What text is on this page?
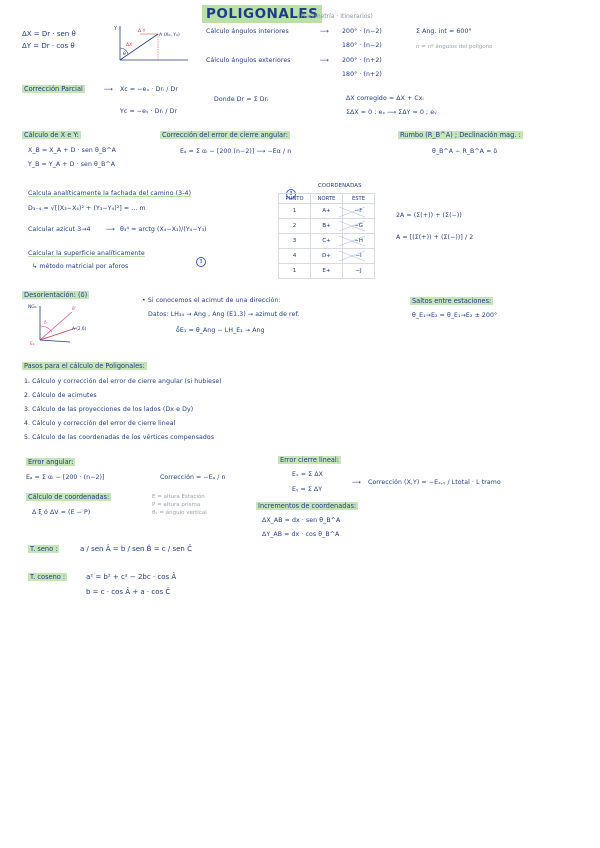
POLIGONALES
(Planimetría · Itinerarios)
ΔX = Dr · sen θ
ΔY = Dr · cos θ
Y	Δ Y
ΔX
A (X₀, Y₀)
θ
Cálculo ángulos interiores	⟶ 200° · (n−2)
180° · (n−2)
Σ Ang. int = 600°
n = nº ángulos del polígono
Cálculo ángulos exteriores	⟶ 200° · (n+2)
180° · (n+2)
Corrección Parcial	⟶ Xc = −eₓ · Drᵢ / Dr
Yc = −eᵧ · Drᵢ / Dr
Donde Dr = Σ Drᵢ	ΔX corregido = ΔX + Cxᵢ
ΣΔX = 0 ; eₓ ⟶ ΣΔY = 0 ; eᵧ
Cálculo de X e Y:
X_B = X_A + D · sen θ_B^A
Y_B = Y_A + D · sen θ_B^A
Corrección del error de cierre angular:
Eₐ = Σ αᵢ − [200 (n−2)] ⟶ −Eα / n
Rumbo (R_B^A) ; Declinación mag. :
θ_B^A − R_B^A = δ
Calcula analíticamente la fachada del camino (3-4)
D₃₋₄ = √[(X₃−X₄)² + (Y₃−Y₄)²] = ... m
Calcular azicut 3→4 ⟶ θ₃⁴ = arctg (X₄−X₃)/(Y₄−Y₃)
Calcular la superficie analíticamente
3
↳ método matricial por aforos
3
COORDENADAS
PUNTO	NORTE	ESTE
1	A+	−F
2	B+	−G
3	C+	−H
4	D+	−I
1	E+	−J
2A = (Σ(+)) + (Σ(−))
A = [(Σ(+)) + (Σ(−))] / 2
Desorientación: (δ)
NG₀
δ
θ'
A (2,6)
E₁
• Si conocemos el acimut de una dirección:
Datos: LH₃₄ → Ang , Ang (E1,3) → azimut de ref.
δ̂E₁ = θ_Ang − LH_E₁ → Ang
Saltos entre estaciones:
θ_E₁→E₂ = θ_E₁→E₂ ± 200°
Pasos para el cálculo de Poligonales:
1. Cálculo y corrección del error de cierre angular (si hubiese)
2. Cálculo de acimutes
3. Cálculo de las proyecciones de los lados (Dx e Dy)
4. Cálculo y corrección del error de cierre lineal
5. Cálculo de las coordenadas de los vértices compensados
Error angular:
Eₐ = Σ αᵢ − [200 · (n−2)]	Corrección = −Eₐ / n
Error cierre lineal:
Eₓ = Σ ΔX
Eᵧ = Σ ΔY
⟶ Corrección (X,Y) = −Eₓ,ᵧ / Ltotal · L tramo
Cálculo de coordenadas:
Δ ξ ó ΔV = (E − P)
E = altura Estación
P = altura prisma
θᵥ = ángulo vertical
Incrementos de coordenadas:
ΔX_AB = dx · sen θ_B^A
ΔY_AB = dx · cos θ_B^A
T. seno :	a / sen Â = b / sen B̂ = c / sen Ĉ
T. coseno :	a² = b² + c² − 2bc · cos Â
b = c · cos Â + a · cos Ĉ
